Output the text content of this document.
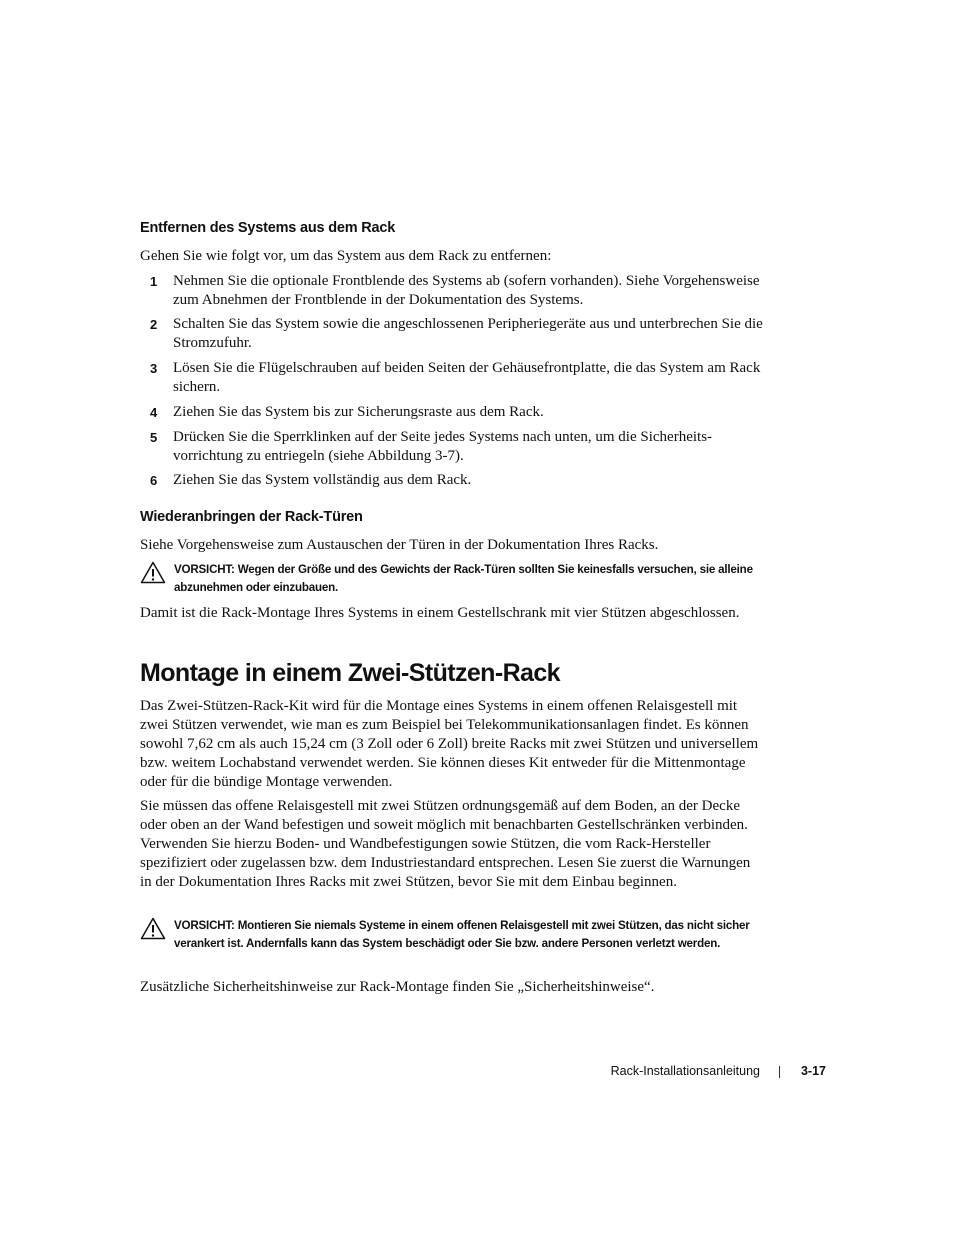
Entfernen des Systems aus dem Rack

Gehen Sie wie folgt vor, um das System aus dem Rack zu entfernen:

1 Nehmen Sie die optionale Frontblende des Systems ab (sofern vorhanden). Siehe Vorgehensweise zum Abnehmen der Frontblende in der Dokumentation des Systems.
2 Schalten Sie das System sowie die angeschlossenen Peripheriegeräte aus und unterbrechen Sie die Stromzufuhr.
3 Lösen Sie die Flügelschrauben auf beiden Seiten der Gehäusefrontplatte, die das System am Rack sichern.
4 Ziehen Sie das System bis zur Sicherungsraste aus dem Rack.
5 Drücken Sie die Sperrklinken auf der Seite jedes Systems nach unten, um die Sicherheits-vorrichtung zu entriegeln (siehe Abbildung 3-7).
6 Ziehen Sie das System vollständig aus dem Rack.
Wiederanbringen der Rack-Türen

Siehe Vorgehensweise zum Austauschen der Türen in der Dokumentation Ihres Racks.

VORSICHT: Wegen der Größe und des Gewichts der Rack-Türen sollten Sie keinesfalls versuchen, sie alleine abzunehmen oder einzubauen.

Damit ist die Rack-Montage Ihres Systems in einem Gestellschrank mit vier Stützen abgeschlossen.

Montage in einem Zwei-Stützen-Rack

Das Zwei-Stützen-Rack-Kit wird für die Montage eines Systems in einem offenen Relaisgestell mit zwei Stützen verwendet, wie man es zum Beispiel bei Telekommunikationsanlagen findet. Es können sowohl 7,62 cm als auch 15,24 cm (3 Zoll oder 6 Zoll) breite Racks mit zwei Stützen und universellem bzw. weitem Lochabstand verwendet werden. Sie können dieses Kit entweder für die Mittenmontage oder für die bündige Montage verwenden.

Sie müssen das offene Relaisgestell mit zwei Stützen ordnungsgemäß auf dem Boden, an der Decke oder oben an der Wand befestigen und soweit möglich mit benachbarten Gestellschränken verbinden. Verwenden Sie hierzu Boden- und Wandbefestigungen sowie Stützen, die vom Rack-Hersteller spezifiziert oder zugelassen bzw. dem Industriestandard entsprechen. Lesen Sie zuerst die Warnungen in der Dokumentation Ihres Racks mit zwei Stützen, bevor Sie mit dem Einbau beginnen.

VORSICHT: Montieren Sie niemals Systeme in einem offenen Relaisgestell mit zwei Stützen, das nicht sicher verankert ist. Andernfalls kann das System beschädigt oder Sie bzw. andere Personen verletzt werden.

Zusätzliche Sicherheitshinweise zur Rack-Montage finden Sie „Sicherheitshinweise“.

Rack-Installationsanleitung	3-17
